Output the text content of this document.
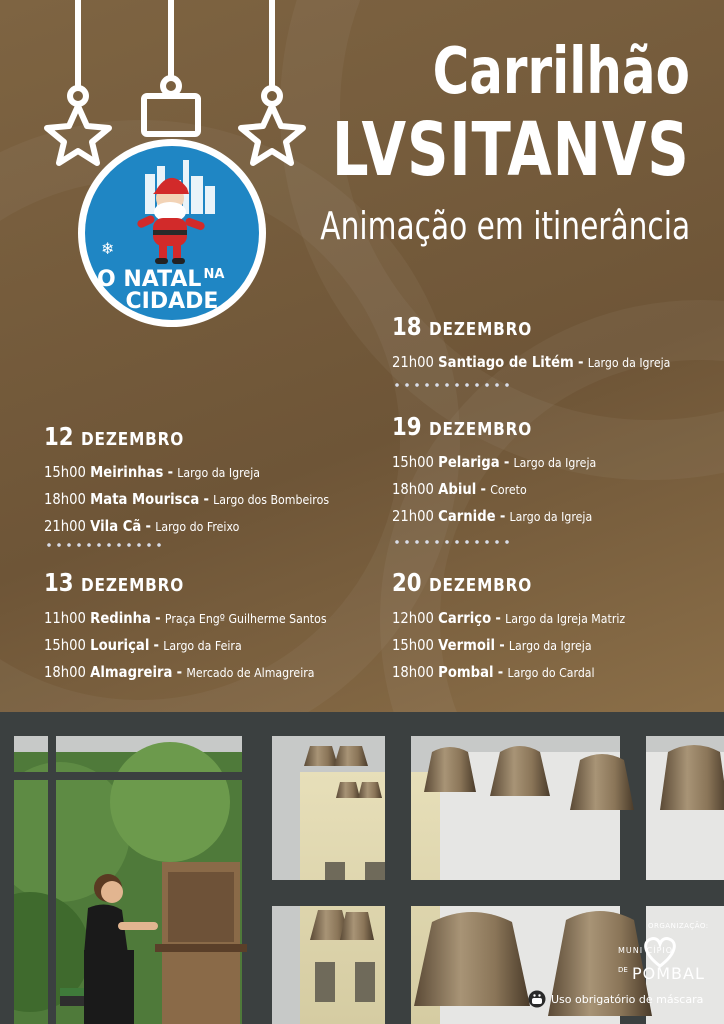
❄
O NATAL $^{NA}$
CIDADE
Carrilhão
LVSITANVS

Animação em itinerância

12 DEZEMBRO
15h00 Meirinhas - Largo da Igreja
18h00 Mata Mourisca - Largo dos Bombeiros
21h00 Vila Cã - Largo do Freixo
13 DEZEMBRO
11h00 Redinha - Praça Engº Guilherme Santos
15h00 Louriçal - Largo da Feira
18h00 Almagreira - Mercado de Almagreira
18 DEZEMBRO
21h00 Santiago de Litém - Largo da Igreja
19 DEZEMBRO
15h00 Pelariga - Largo da Igreja
18h00 Abiul - Coreto
21h00 Carnide - Largo da Igreja
20 DEZEMBRO
12h00 Carriço - Largo da Igreja Matriz
15h00 Vermoil - Largo da Igreja
18h00 Pombal - Largo do Cardal
Uso obrigatório de máscara
ORGANIZAÇÃO:
MUNI CÍPIO
DE POMBAL
